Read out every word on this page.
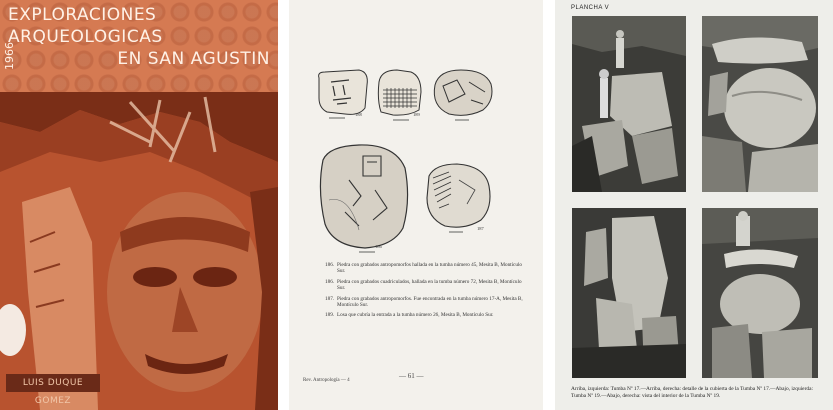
EXPLORACIONES ARQUEOLOGICAS
EN SAN AGUSTIN
1966
LUIS DUQUE GOMEZ
188	189
186
187
186. Piedra con grabados antropomorfos hallada en la tumba número 45, Mesita B, Montículo Sur.
186. Piedra con grabados cuadriculados, hallada en la tumba número 72, Mesita B, Montículo Sur.
187. Piedra con grabados antropomorfos. Fue encontrada en la tumba número 17-A, Mesita B, Montículo Sur.
189. Losa que cubría la entrada a la tumba número 26, Mesita B, Montículo Sur.
Rev. Antropología — 4
— 61 —
PLANCHA V
Arriba, izquierda: Tumba Nº 17.—Arriba, derecha: detalle de la cubierta de la Tumba Nº 17.—Abajo, izquierda: Tumba Nº 19.—Abajo, derecha: vista del interior de la Tumba Nº 19.
